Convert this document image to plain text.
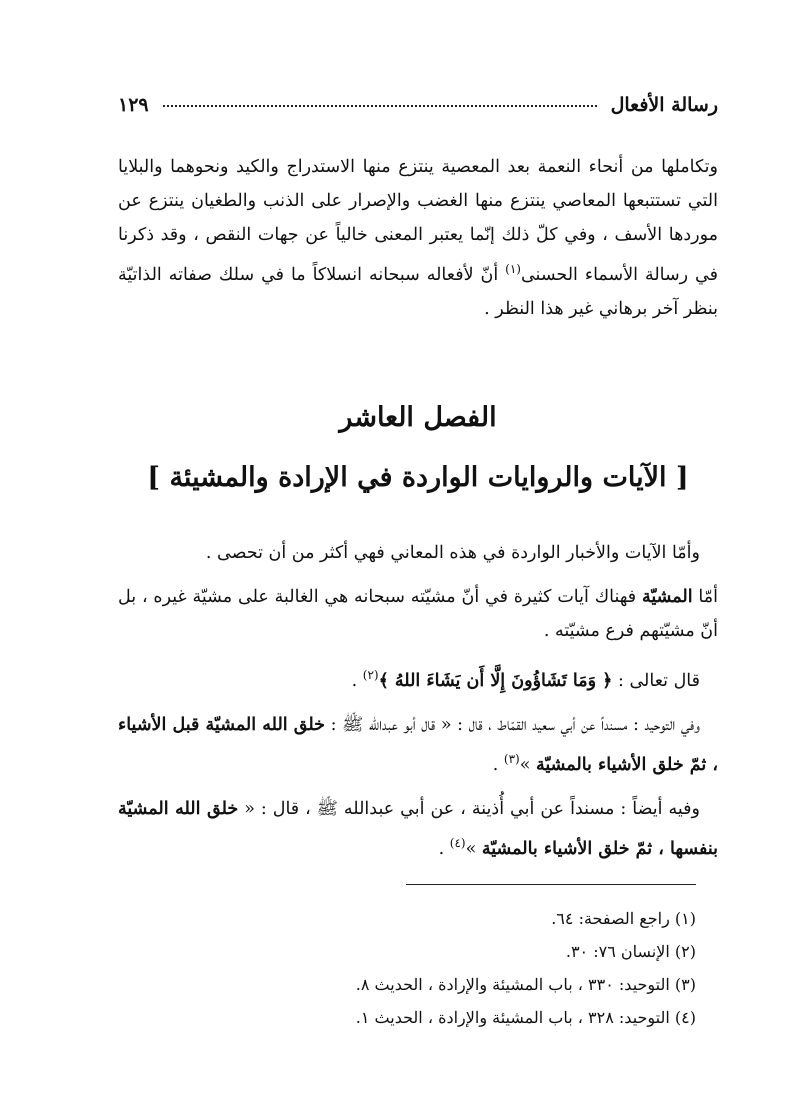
رسالة الأفعال
١٢٩

وتكاملها من أنحاء النعمة بعد المعصية ينتزع منها الاستدراج والكيد ونحوهما والبلايا التي تستتبعها المعاصي ينتزع منها الغضب والإصرار على الذنب والطغيان ينتزع عن موردها الأسف ، وفي كلّ ذلك إنّما يعتبر المعنى خالياً عن جهات النقص ، وقد ذكرنا في رسالة الأسماء الحسنى$^{(١)}$ أنّ لأفعاله سبحانه انسلاكاً ما في سلك صفاته الذاتيّة بنظر آخر برهاني غير هذا النظر .

الفصل العاشر
[ الآيات والروايات الواردة في الإرادة والمشيئة ]

وأمّا الآيات والأخبار الواردة في هذه المعاني فهي أكثر من أن تحصى .

أمّا المشيّة فهناك آيات كثيرة في أنّ مشيّته سبحانه هي الغالبة على مشيّة غيره ، بل أنّ مشيّتهم فرع مشيّته .

قال تعالى : ﴿ وَمَا تَشَاؤُونَ إِلَّا أَن يَشَاءَ اللهُ ﴾$^{(٢)}$ .

وفي التوحيد : مسنداً عن أبي سعيد القمّاط ، قال : « قال أبو عبدالله ﷺ : خلق الله المشيّة قبل الأشياء ، ثمّ خلق الأشياء بالمشيّة »$^{(٣)}$ .

وفيه أيضاً : مسنداً عن أبي أُذينة ، عن أبي عبدالله ﷺ ، قال : « خلق الله المشيّة بنفسها ، ثمّ خلق الأشياء بالمشيّة »$^{(٤)}$ .

(١) راجع الصفحة: ٦٤.
(٢) الإنسان ٧٦: ٣٠.
(٣) التوحيد: ٣٣٠ ، باب المشيئة والإرادة ، الحديث ٨.
(٤) التوحيد: ٣٢٨ ، باب المشيئة والإرادة ، الحديث ١.
